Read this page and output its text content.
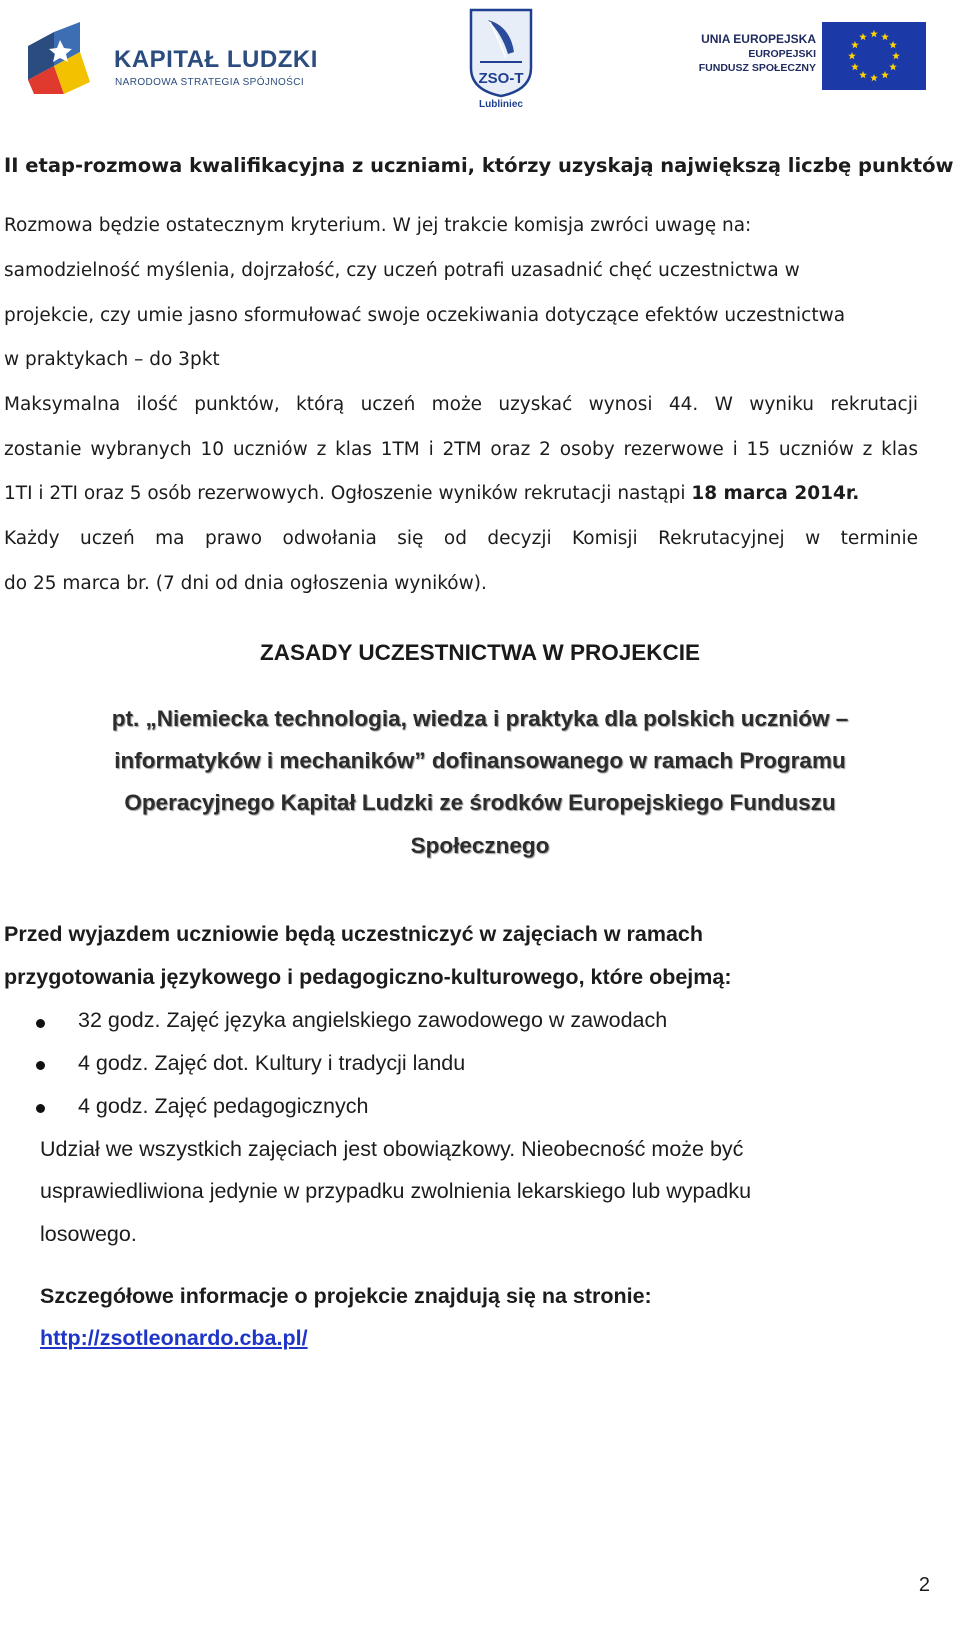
KAPITAŁ LUDZKI
NARODOWA STRATEGIA SPÓJNOŚCI	ZSO-T
Lubliniec
UNIA EUROPEJSKA
EUROPEJSKI
FUNDUSZ SPOŁECZNY
II etap-rozmowa kwalifikacyjna z uczniami, którzy uzyskają największą liczbę punktów
Rozmowa będzie ostatecznym kryterium. W jej trakcie komisja zwróci uwagę na:
samodzielność myślenia, dojrzałość, czy uczeń potrafi uzasadnić chęć uczestnictwa w
projekcie, czy umie jasno sformułować swoje oczekiwania dotyczące efektów uczestnictwa
w praktykach – do 3pkt
Maksymalna ilość punktów, którą uczeń może uzyskać wynosi 44. W wyniku rekrutacji
zostanie wybranych 10 uczniów z klas 1TM i 2TM oraz 2 osoby rezerwowe i 15 uczniów z klas
1TI i 2TI oraz 5 osób rezerwowych. Ogłoszenie wyników rekrutacji nastąpi 18 marca 2014r.
Każdy uczeń ma prawo odwołania się od decyzji Komisji Rekrutacyjnej w terminie
do 25 marca br. (7 dni od dnia ogłoszenia wyników).
ZASADY UCZESTNICTWA W PROJEKCIE
pt. „Niemiecka technologia, wiedza i praktyka dla polskich uczniów –
informatyków i mechaników” dofinansowanego w ramach Programu
Operacyjnego Kapitał Ludzki ze środków Europejskiego Funduszu
Społecznego
Przed wyjazdem uczniowie będą uczestniczyć w zajęciach w ramach
przygotowania językowego i pedagogiczno-kulturowego, które obejmą:
32 godz. Zajęć języka angielskiego zawodowego w zawodach
4 godz. Zajęć dot. Kultury i tradycji landu
4 godz. Zajęć pedagogicznych
Udział we wszystkich zajęciach jest obowiązkowy. Nieobecność może być
usprawiedliwiona jedynie w przypadku zwolnienia lekarskiego lub wypadku
losowego.
Szczegółowe informacje o projekcie znajdują się na stronie:
http://zsotleonardo.cba.pl/
2
